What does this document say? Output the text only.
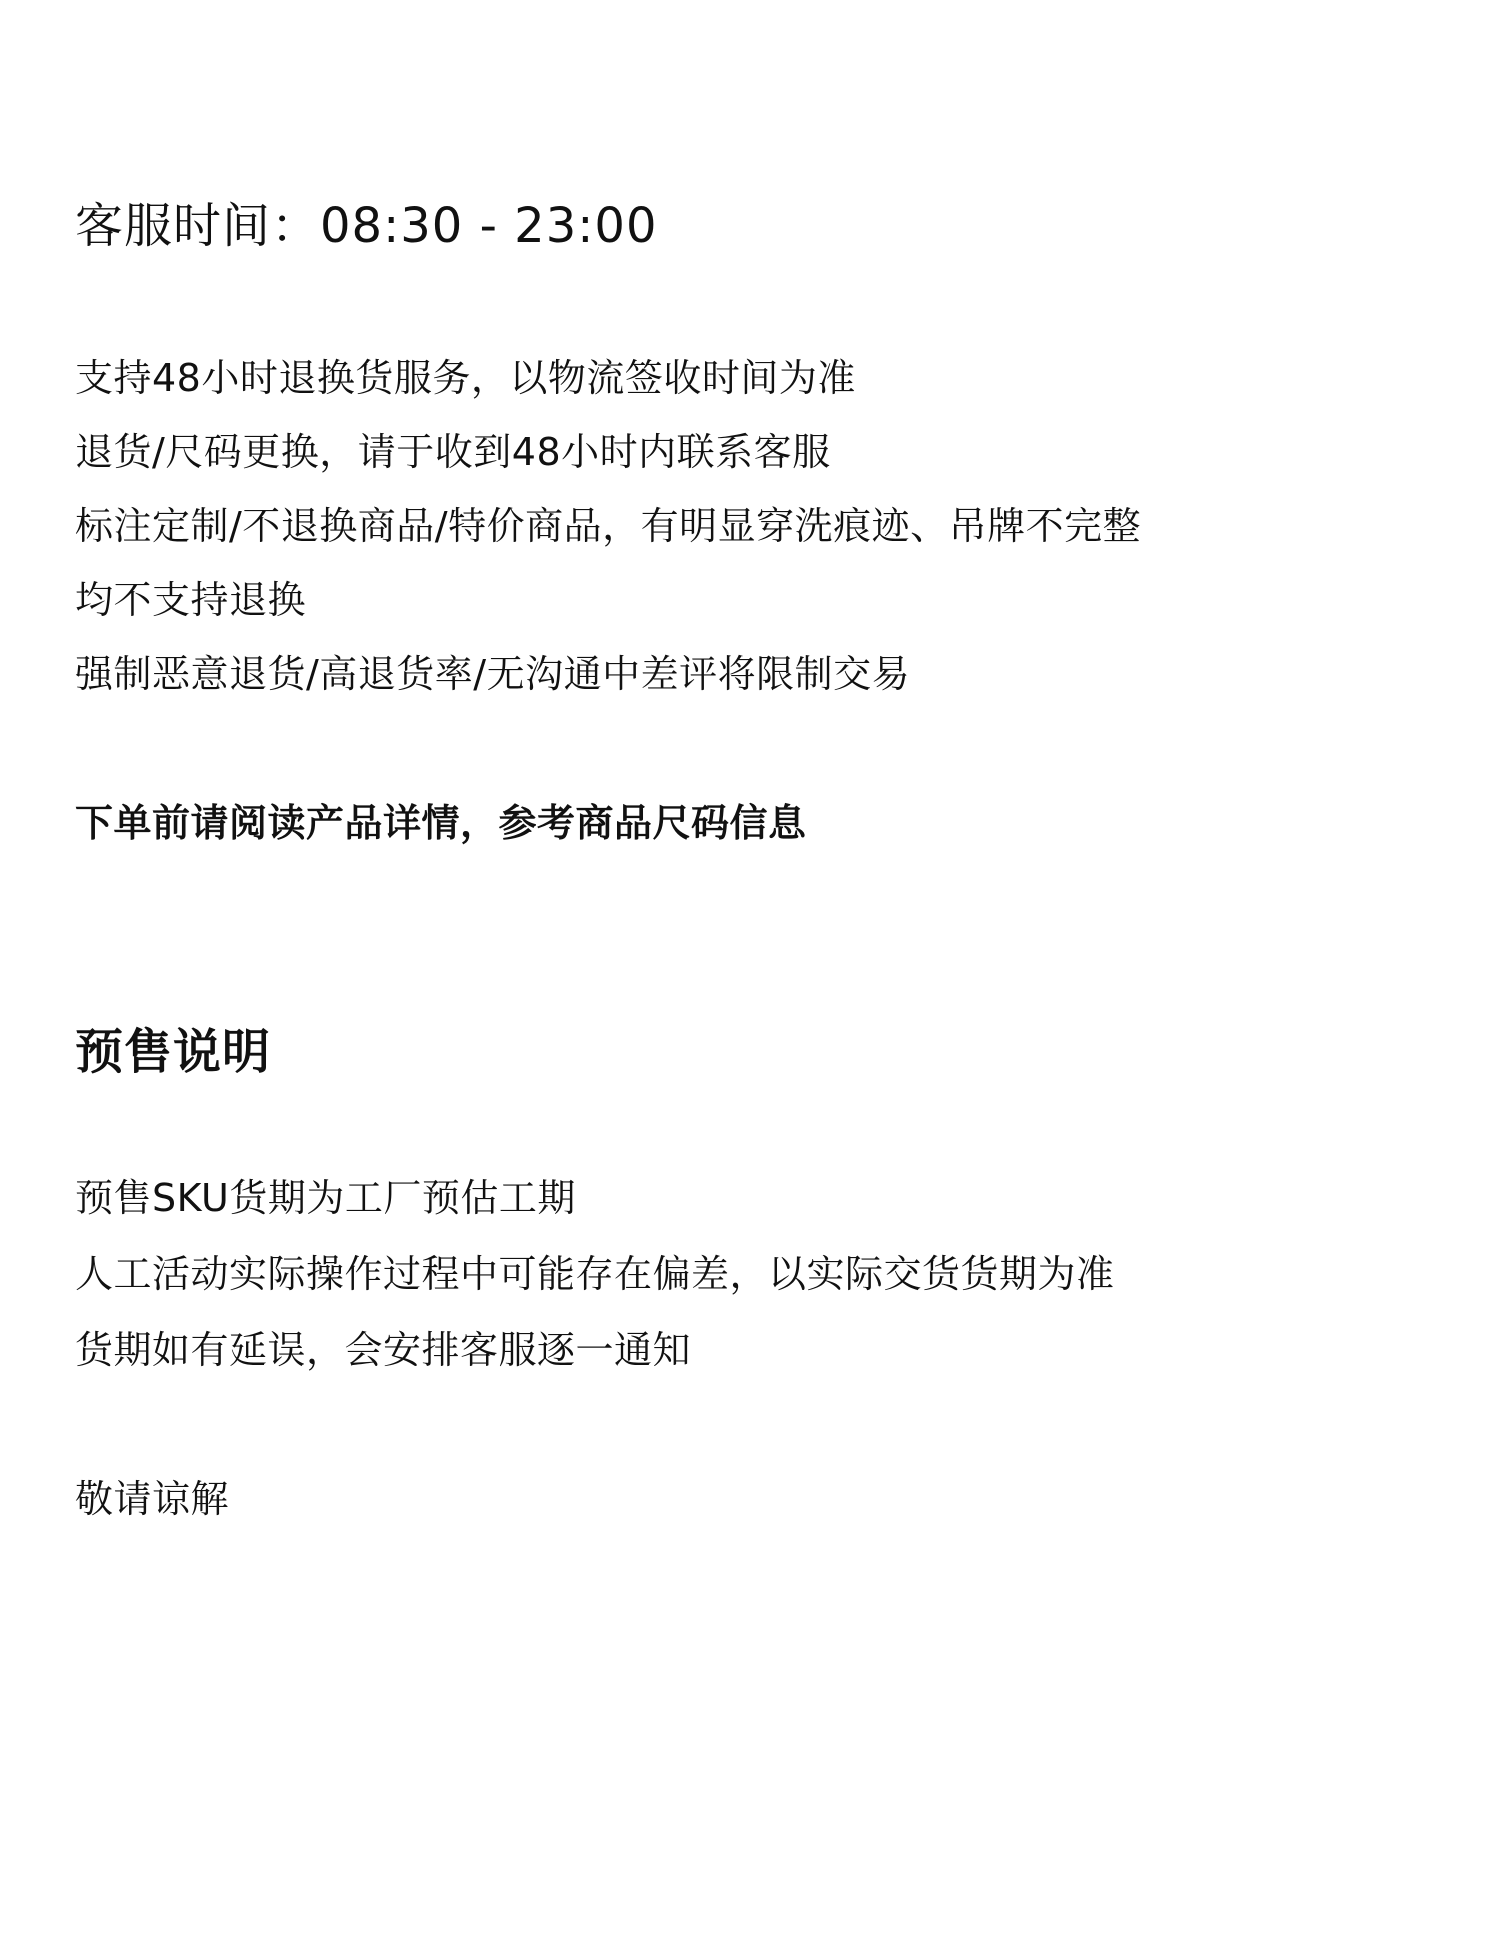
客服时间：08:30 - 23:00

支持48小时退换货服务，以物流签收时间为准

退货/尺码更换，请于收到48小时内联系客服

标注定制/不退换商品/特价商品，有明显穿洗痕迹、吊牌不完整

均不支持退换

强制恶意退货/高退货率/无沟通中差评将限制交易

下单前请阅读产品详情，参考商品尺码信息

预售说明

预售SKU货期为工厂预估工期

人工活动实际操作过程中可能存在偏差，以实际交货货期为准

货期如有延误，会安排客服逐一通知

敬请谅解
